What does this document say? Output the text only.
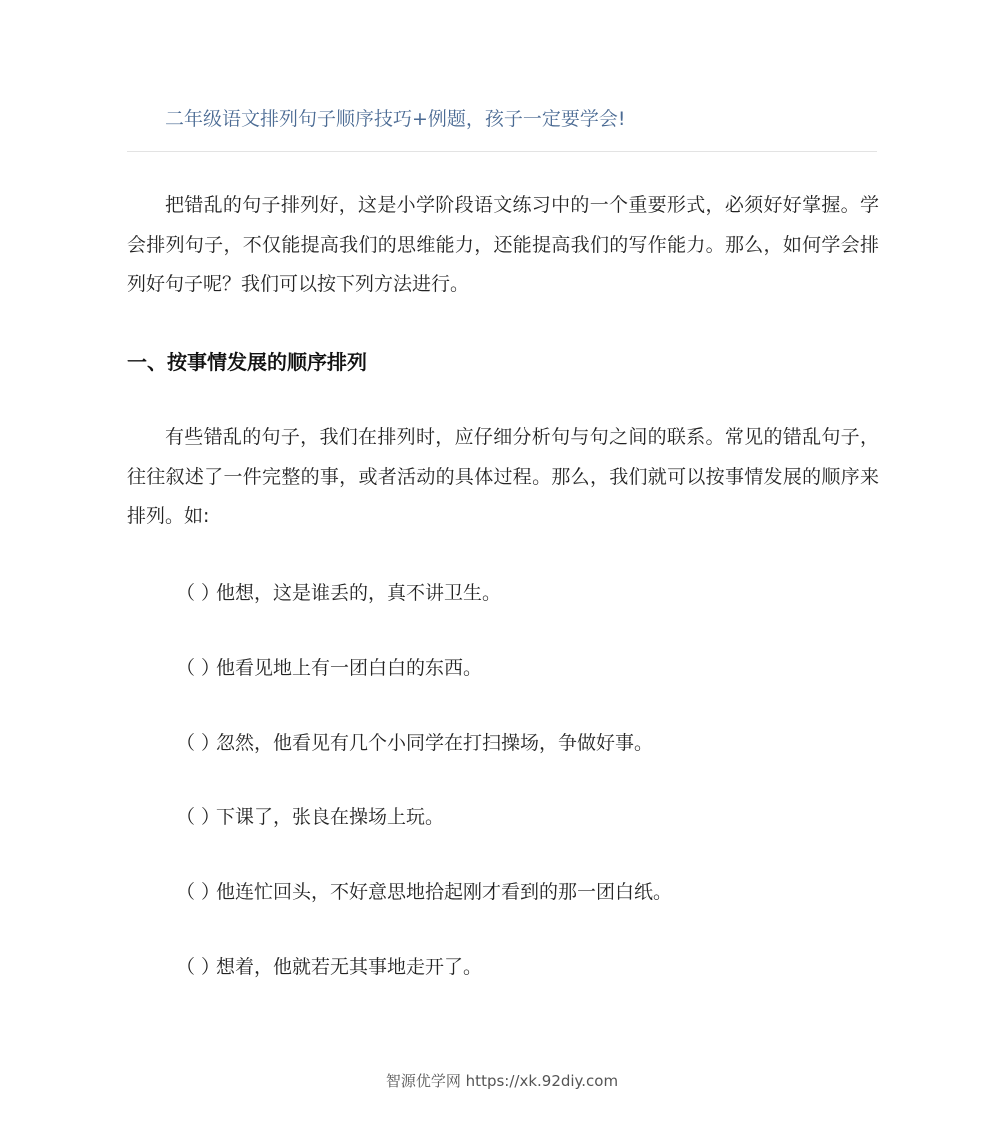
二年级语文排列句子顺序技巧+例题，孩子一定要学会!
把错乱的句子排列好，这是小学阶段语文练习中的一个重要形式，必须好好掌握。学会排列句子，不仅能提高我们的思维能力，还能提高我们的写作能力。那么，如何学会排列好句子呢？我们可以按下列方法进行。
一、按事情发展的顺序排列
有些错乱的句子，我们在排列时，应仔细分析句与句之间的联系。常见的错乱句子，往往叙述了一件完整的事，或者活动的具体过程。那么，我们就可以按事情发展的顺序来排列。如:
（ ）他想，这是谁丢的，真不讲卫生。
（ ）他看见地上有一团白白的东西。
（ ）忽然，他看见有几个小同学在打扫操场，争做好事。
（ ）下课了，张良在操场上玩。
（ ）他连忙回头，不好意思地拾起刚才看到的那一团白纸。
（ ）想着，他就若无其事地走开了。
智源优学网 https://xk.92diy.com
